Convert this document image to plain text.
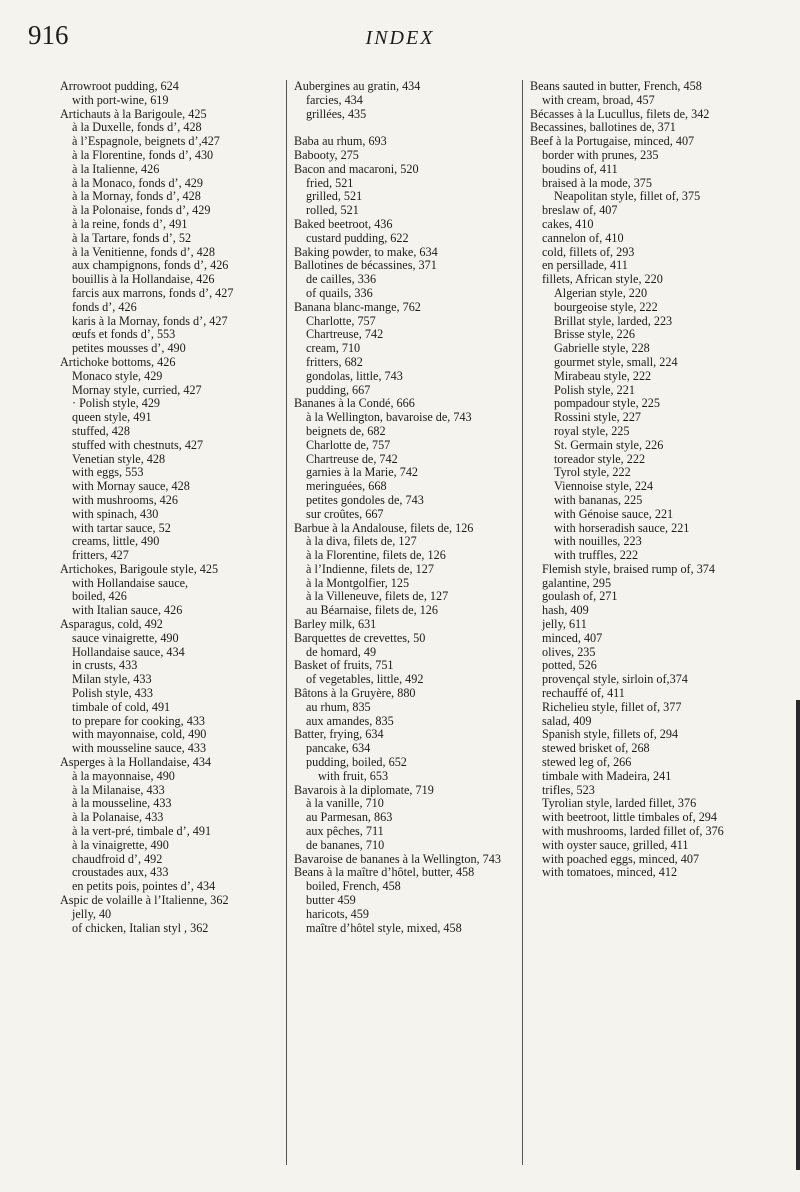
916	INDEX

Arrowroot pudding, 624

with port-wine, 619

Artichauts à la Barigoule, 425

à la Duxelle, fonds d’, 428

à l’Espagnole, beignets d’,427

à la Florentine, fonds d’, 430

à la Italienne, 426

à la Monaco, fonds d’, 429

à la Mornay, fonds d’, 428

à la Polonaise, fonds d’, 429

à la reine, fonds d’, 491

à la Tartare, fonds d’, 52

à la Venitienne, fonds d’, 428

aux champignons, fonds d’, 426

bouillis à la Hollandaise, 426

farcis aux marrons, fonds d’, 427

fonds d’, 426

karis à la Mornay, fonds d’, 427

œufs et fonds d’, 553

petites mousses d’, 490

Artichoke bottoms, 426

Monaco style, 429

Mornay style, curried, 427

· Polish style, 429

queen style, 491

stuffed, 428

stuffed with chestnuts, 427

Venetian style, 428

with eggs, 553

with Mornay sauce, 428

with mushrooms, 426

with spinach, 430

with tartar sauce, 52

creams, little, 490

fritters, 427

Artichokes, Barigoule style, 425

with Hollandaise sauce,

boiled, 426

with Italian sauce, 426

Asparagus, cold, 492

sauce vinaigrette, 490

Hollandaise sauce, 434

in crusts, 433

Milan style, 433

Polish style, 433

timbale of cold, 491

to prepare for cooking, 433

with mayonnaise, cold, 490

with mousseline sauce, 433

Asperges à la Hollandaise, 434

à la mayonnaise, 490

à la Milanaise, 433

à la mousseline, 433

à la Polanaise, 433

à la vert-pré, timbale d’, 491

à la vinaigrette, 490

chaudfroid d’, 492

croustades aux, 433

en petits pois, pointes d’, 434

Aspic de volaille à l’Italienne, 362

jelly, 40

of chicken, Italian styl , 362

Aubergines au gratin, 434

farcies, 434

grillées, 435

Baba au rhum, 693

Babooty, 275

Bacon and macaroni, 520

fried, 521

grilled, 521

rolled, 521

Baked beetroot, 436

custard pudding, 622

Baking powder, to make, 634

Ballotines de bécassines, 371

de cailles, 336

of quails, 336

Banana blanc-mange, 762

Charlotte, 757

Chartreuse, 742

cream, 710

fritters, 682

gondolas, little, 743

pudding, 667

Bananes à la Condé, 666

à la Wellington, bavaroise de, 743

beignets de, 682

Charlotte de, 757

Chartreuse de, 742

garnies à la Marie, 742

meringuées, 668

petites gondoles de, 743

sur croûtes, 667

Barbue à la Andalouse, filets de, 126

à la diva, filets de, 127

à la Florentine, filets de, 126

à l’Indienne, filets de, 127

à la Montgolfier, 125

à la Villeneuve, filets de, 127

au Béarnaise, filets de, 126

Barley milk, 631

Barquettes de crevettes, 50

de homard, 49

Basket of fruits, 751

of vegetables, little, 492

Bâtons à la Gruyère, 880

au rhum, 835

aux amandes, 835

Batter, frying, 634

pancake, 634

pudding, boiled, 652

with fruit, 653

Bavarois à la diplomate, 719

à la vanille, 710

au Parmesan, 863

aux pêches, 711

de bananes, 710

Bavaroise de bananes à la Wellington, 743

Beans à la maître d’hôtel, butter, 458

boiled, French, 458

butter 459

haricots, 459

maître d’hôtel style, mixed, 458

Beans sauted in butter, French, 458

with cream, broad, 457

Bécasses à la Lucullus, filets de, 342

Becassines, ballotines de, 371

Beef à la Portugaise, minced, 407

border with prunes, 235

boudins of, 411

braised à la mode, 375

Neapolitan style, fillet of, 375

breslaw of, 407

cakes, 410

cannelon of, 410

cold, fillets of, 293

en persillade, 411

fillets, African style, 220

Algerian style, 220

bourgeoise style, 222

Brillat style, larded, 223

Brisse style, 226

Gabrielle style, 228

gourmet style, small, 224

Mirabeau style, 222

Polish style, 221

pompadour style, 225

Rossini style, 227

royal style, 225

St. Germain style, 226

toreador style, 222

Tyrol style, 222

Viennoise style, 224

with bananas, 225

with Génoise sauce, 221

with horseradish sauce, 221

with nouilles, 223

with truffles, 222

Flemish style, braised rump of, 374

galantine, 295

goulash of, 271

hash, 409

jelly, 611

minced, 407

olives, 235

potted, 526

provençal style, sirloin of,374

rechauffé of, 411

Richelieu style, fillet of, 377

salad, 409

Spanish style, fillets of, 294

stewed brisket of, 268

stewed leg of, 266

timbale with Madeira, 241

trifles, 523

Tyrolian style, larded fillet, 376

with beetroot, little timbales of, 294

with mushrooms, larded fillet of, 376

with oyster sauce, grilled, 411

with poached eggs, minced, 407

with tomatoes, minced, 412
